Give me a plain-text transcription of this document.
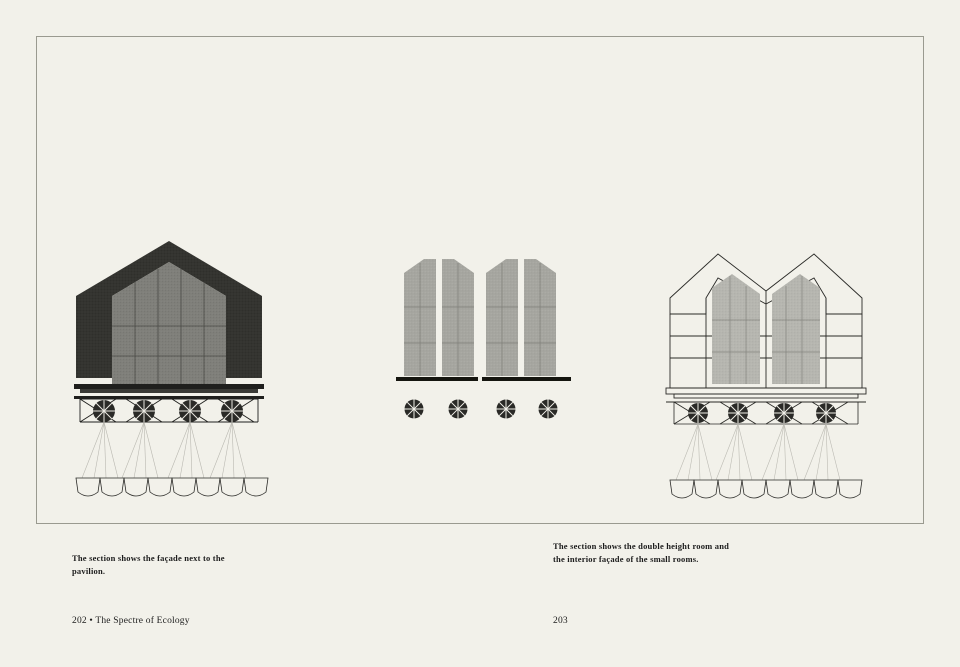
The section shows the façade next to the pavilion.
The section shows the double height room and the interior façade of the small rooms.
202 • The Spectre of Ecology	203
